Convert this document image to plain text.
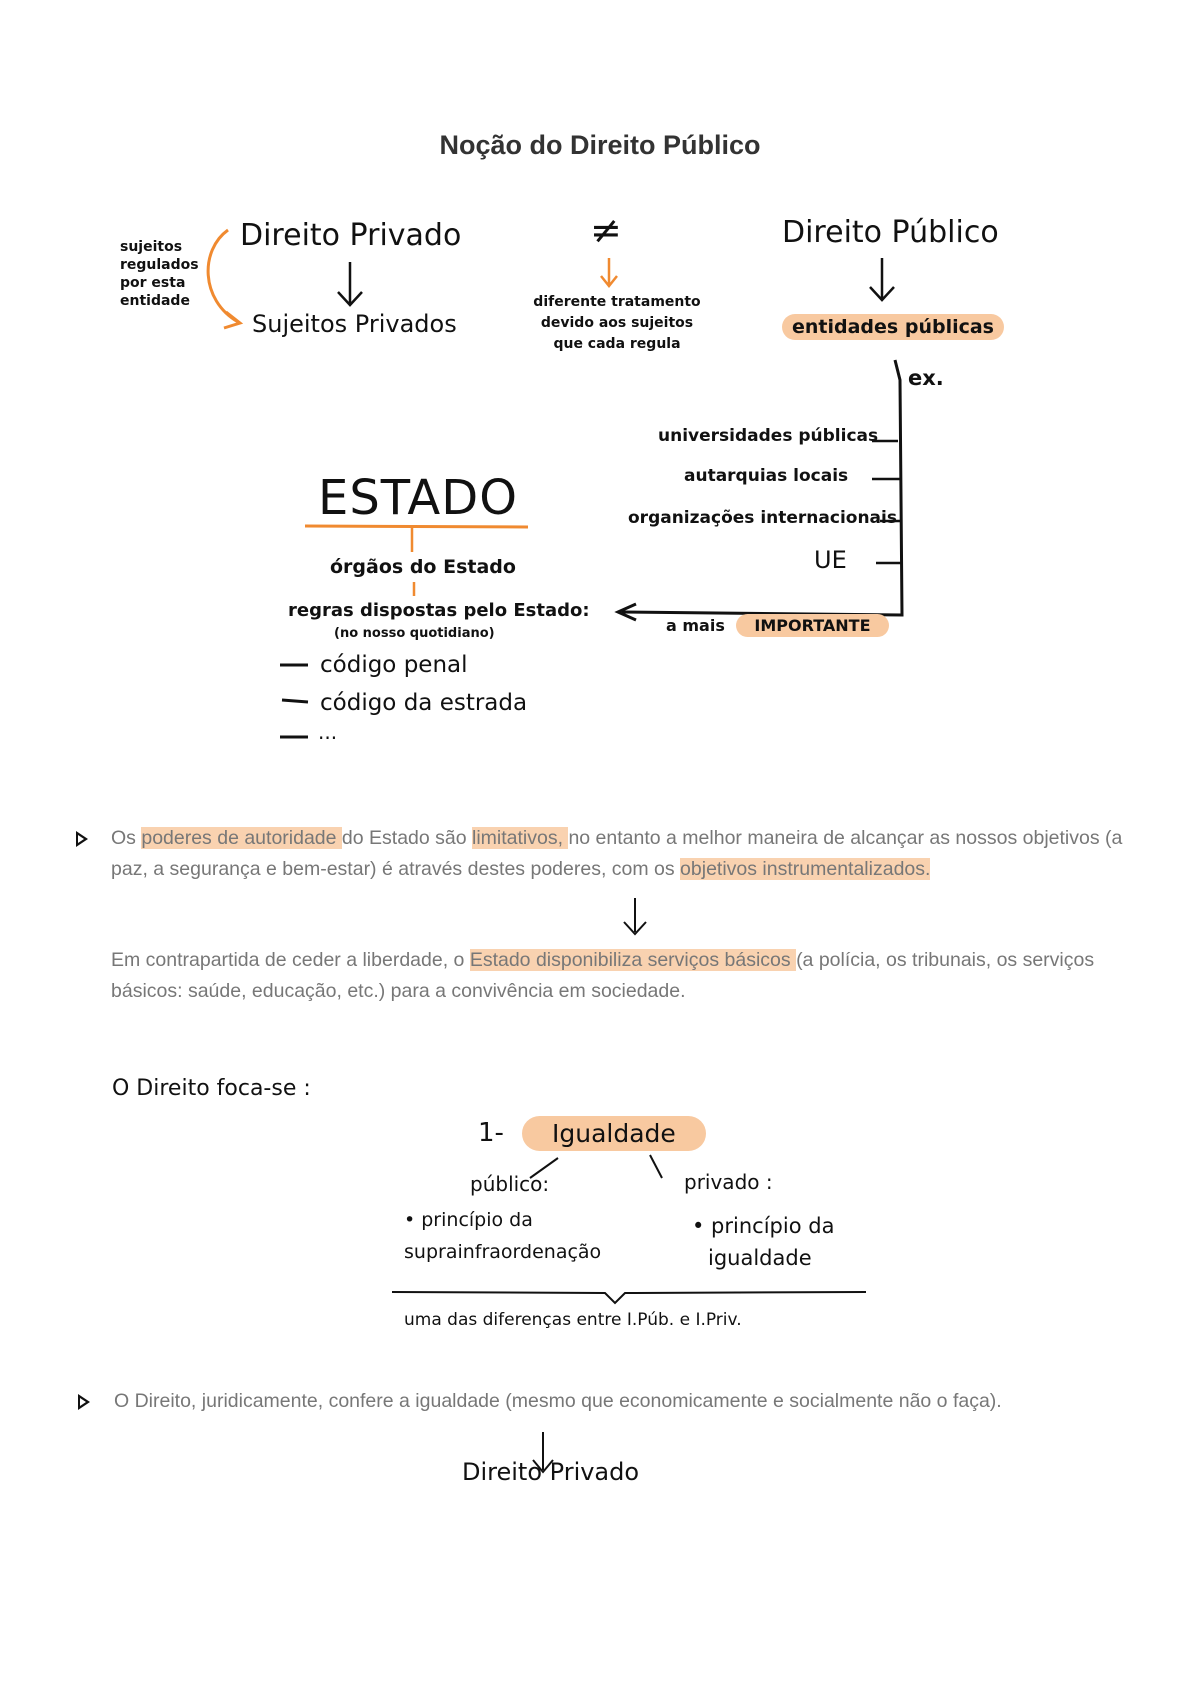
Noção do Direito Público
sujeitos
regulados
por esta
entidade
Direito Privado
Sujeitos Privados
≠
diferente tratamento
devido aos sujeitos
que cada regula
Direito Público
entidades públicas
ex.
universidades públicas
autarquias locais
organizações internacionais
UE
a mais IMPORTANTE
ESTADO
órgãos do Estado
regras dispostas pelo Estado:
(no nosso quotidiano)
código penal
código da estrada
...
Os poderes de autoridade do Estado são limitativos, no entanto a melhor maneira de alcançar as nossos objetivos (a paz, a segurança e bem-estar) é através destes poderes, com os objetivos instrumentalizados.
Em contrapartida de ceder a liberdade, o Estado disponibiliza serviços básicos (a polícia, os tribunais, os serviços básicos: saúde, educação, etc.) para a convivência em sociedade.
O Direito foca-se :
1-	Igualdade
público:
• princípio da
suprainfraordenação
privado :
• princípio da
igualdade
uma das diferenças entre I.Púb. e I.Priv.
O Direito, juridicamente, confere a igualdade (mesmo que economicamente e socialmente não o faça).
Direito Privado
